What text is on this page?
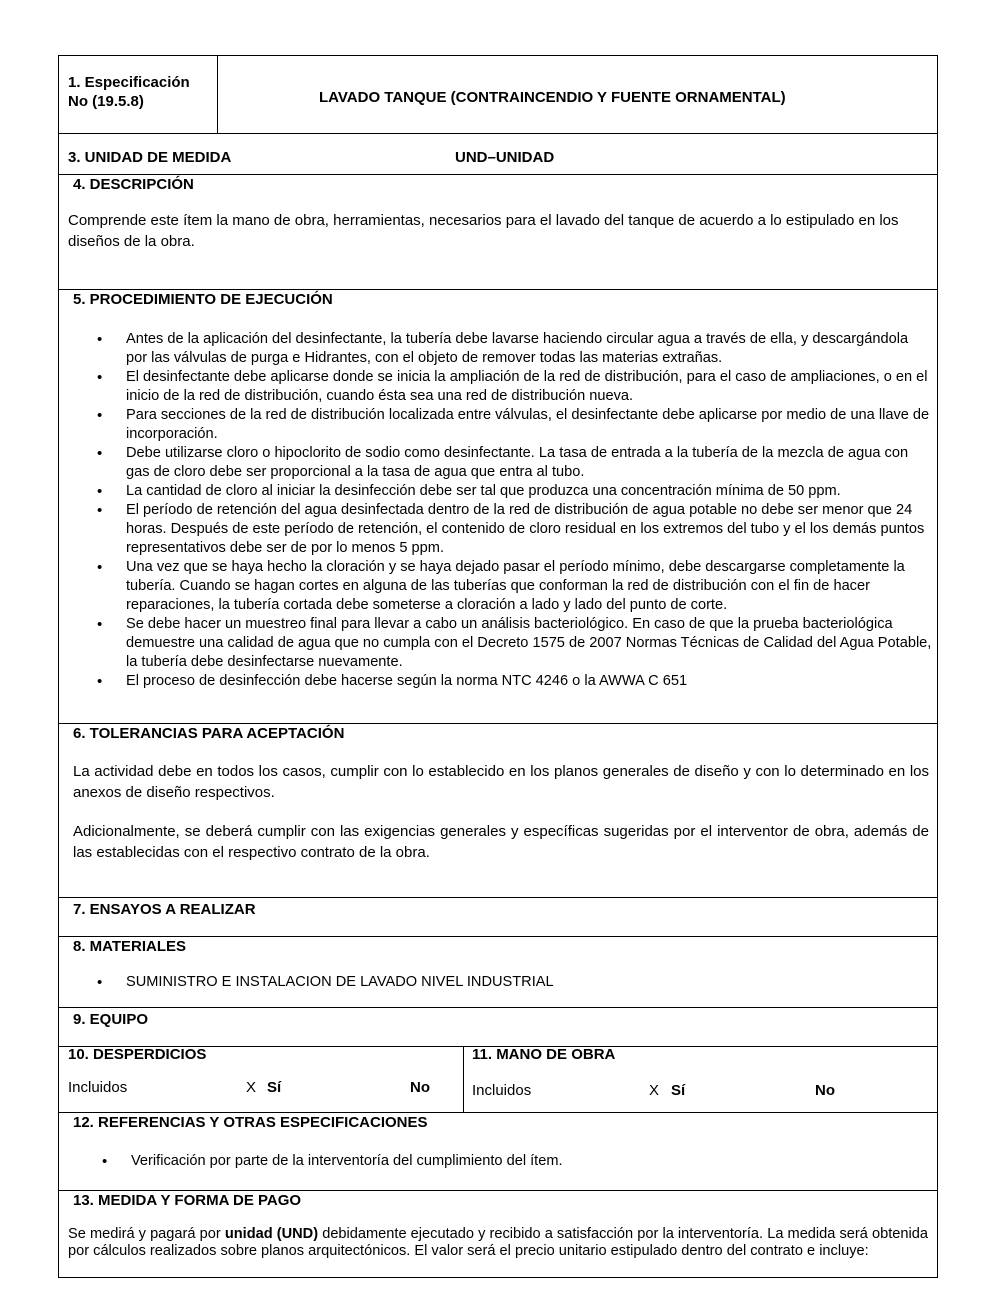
1. Especificación
No (19.5.8)	LAVADO TANQUE (CONTRAINCENDIO Y FUENTE ORNAMENTAL)
3. UNIDAD DE MEDIDA	UND–UNIDAD
4. DESCRIPCIÓN
Comprende este ítem la mano de obra, herramientas, necesarios para el lavado del tanque de acuerdo a lo estipulado en los diseños de la obra.
5. PROCEDIMIENTO DE EJECUCIÓN
• Antes de la aplicación del desinfectante, la tubería debe lavarse haciendo circular agua a través de ella, y descargándola por las válvulas de purga e Hidrantes, con el objeto de remover todas las materias extrañas.
• El desinfectante debe aplicarse donde se inicia la ampliación de la red de distribución, para el caso de ampliaciones, o en el inicio de la red de distribución, cuando ésta sea una red de distribución nueva.
• Para secciones de la red de distribución localizada entre válvulas, el desinfectante debe aplicarse por medio de una llave de incorporación.
• Debe utilizarse cloro o hipoclorito de sodio como desinfectante. La tasa de entrada a la tubería de la mezcla de agua con gas de cloro debe ser proporcional a la tasa de agua que entra al tubo.
• La cantidad de cloro al iniciar la desinfección debe ser tal que produzca una concentración mínima de 50 ppm.
• El período de retención del agua desinfectada dentro de la red de distribución de agua potable no debe ser menor que 24 horas. Después de este período de retención, el contenido de cloro residual en los extremos del tubo y el los demás puntos representativos debe ser de por lo menos 5 ppm.
• Una vez que se haya hecho la cloración y se haya dejado pasar el período mínimo, debe descargarse completamente la tubería. Cuando se hagan cortes en alguna de las tuberías que conforman la red de distribución con el fin de hacer reparaciones, la tubería cortada debe someterse a cloración a lado y lado del punto de corte.
• Se debe hacer un muestreo final para llevar a cabo un análisis bacteriológico. En caso de que la prueba bacteriológica demuestre una calidad de agua que no cumpla con el Decreto 1575 de 2007 Normas Técnicas de Calidad del Agua Potable, la tubería debe desinfectarse nuevamente.
• El proceso de desinfección debe hacerse según la norma NTC 4246 o la AWWA C 651
6. TOLERANCIAS PARA ACEPTACIÓN
La actividad debe en todos los casos, cumplir con lo establecido en los planos generales de diseño y con lo determinado en los anexos de diseño respectivos.
Adicionalmente, se deberá cumplir con las exigencias generales y específicas sugeridas por el interventor de obra, además de las establecidas con el respectivo contrato de la obra.
7. ENSAYOS A REALIZAR
8. MATERIALES
• SUMINISTRO E INSTALACION DE LAVADO NIVEL INDUSTRIAL
9. EQUIPO
10. DESPERDICIOS
Incluidos	X Sí	No
11. MANO DE OBRA
Incluidos	X Sí	No
12. REFERENCIAS Y OTRAS ESPECIFICACIONES
• Verificación por parte de la interventoría del cumplimiento del ítem.
13. MEDIDA Y FORMA DE PAGO
Se medirá y pagará por unidad (UND) debidamente ejecutado y recibido a satisfacción por la interventoría. La medida será obtenida por cálculos realizados sobre planos arquitectónicos. El valor será el precio unitario estipulado dentro del contrato e incluye:
